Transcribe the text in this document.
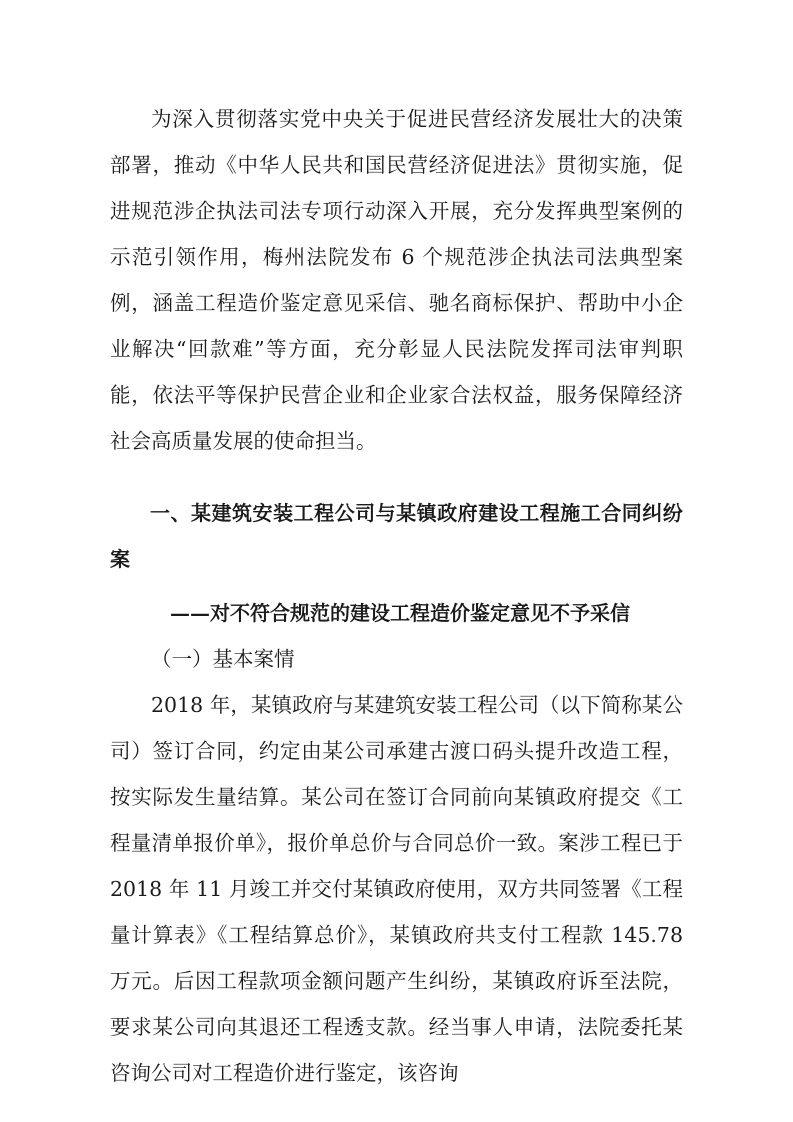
为深入贯彻落实党中央关于促进民营经济发展壮大的决策部署，推动《中华人民共和国民营经济促进法》贯彻实施，促进规范涉企执法司法专项行动深入开展，充分发挥典型案例的示范引领作用，梅州法院发布 6 个规范涉企执法司法典型案例，涵盖工程造价鉴定意见采信、驰名商标保护、帮助中小企业解决“回款难”等方面，充分彰显人民法院发挥司法审判职能，依法平等保护民营企业和企业家合法权益，服务保障经济社会高质量发展的使命担当。

一、某建筑安装工程公司与某镇政府建设工程施工合同纠纷案

——对不符合规范的建设工程造价鉴定意见不予采信

（一）基本案情

2018 年，某镇政府与某建筑安装工程公司（以下简称某公司）签订合同，约定由某公司承建古渡口码头提升改造工程，按实际发生量结算。某公司在签订合同前向某镇政府提交《工程量清单报价单》，报价单总价与合同总价一致。案涉工程已于 2018 年 11 月竣工并交付某镇政府使用，双方共同签署《工程量计算表》《工程结算总价》，某镇政府共支付工程款 145.78 万元。后因工程款项金额问题产生纠纷，某镇政府诉至法院，要求某公司向其退还工程透支款。经当事人申请，法院委托某咨询公司对工程造价进行鉴定，该咨询
